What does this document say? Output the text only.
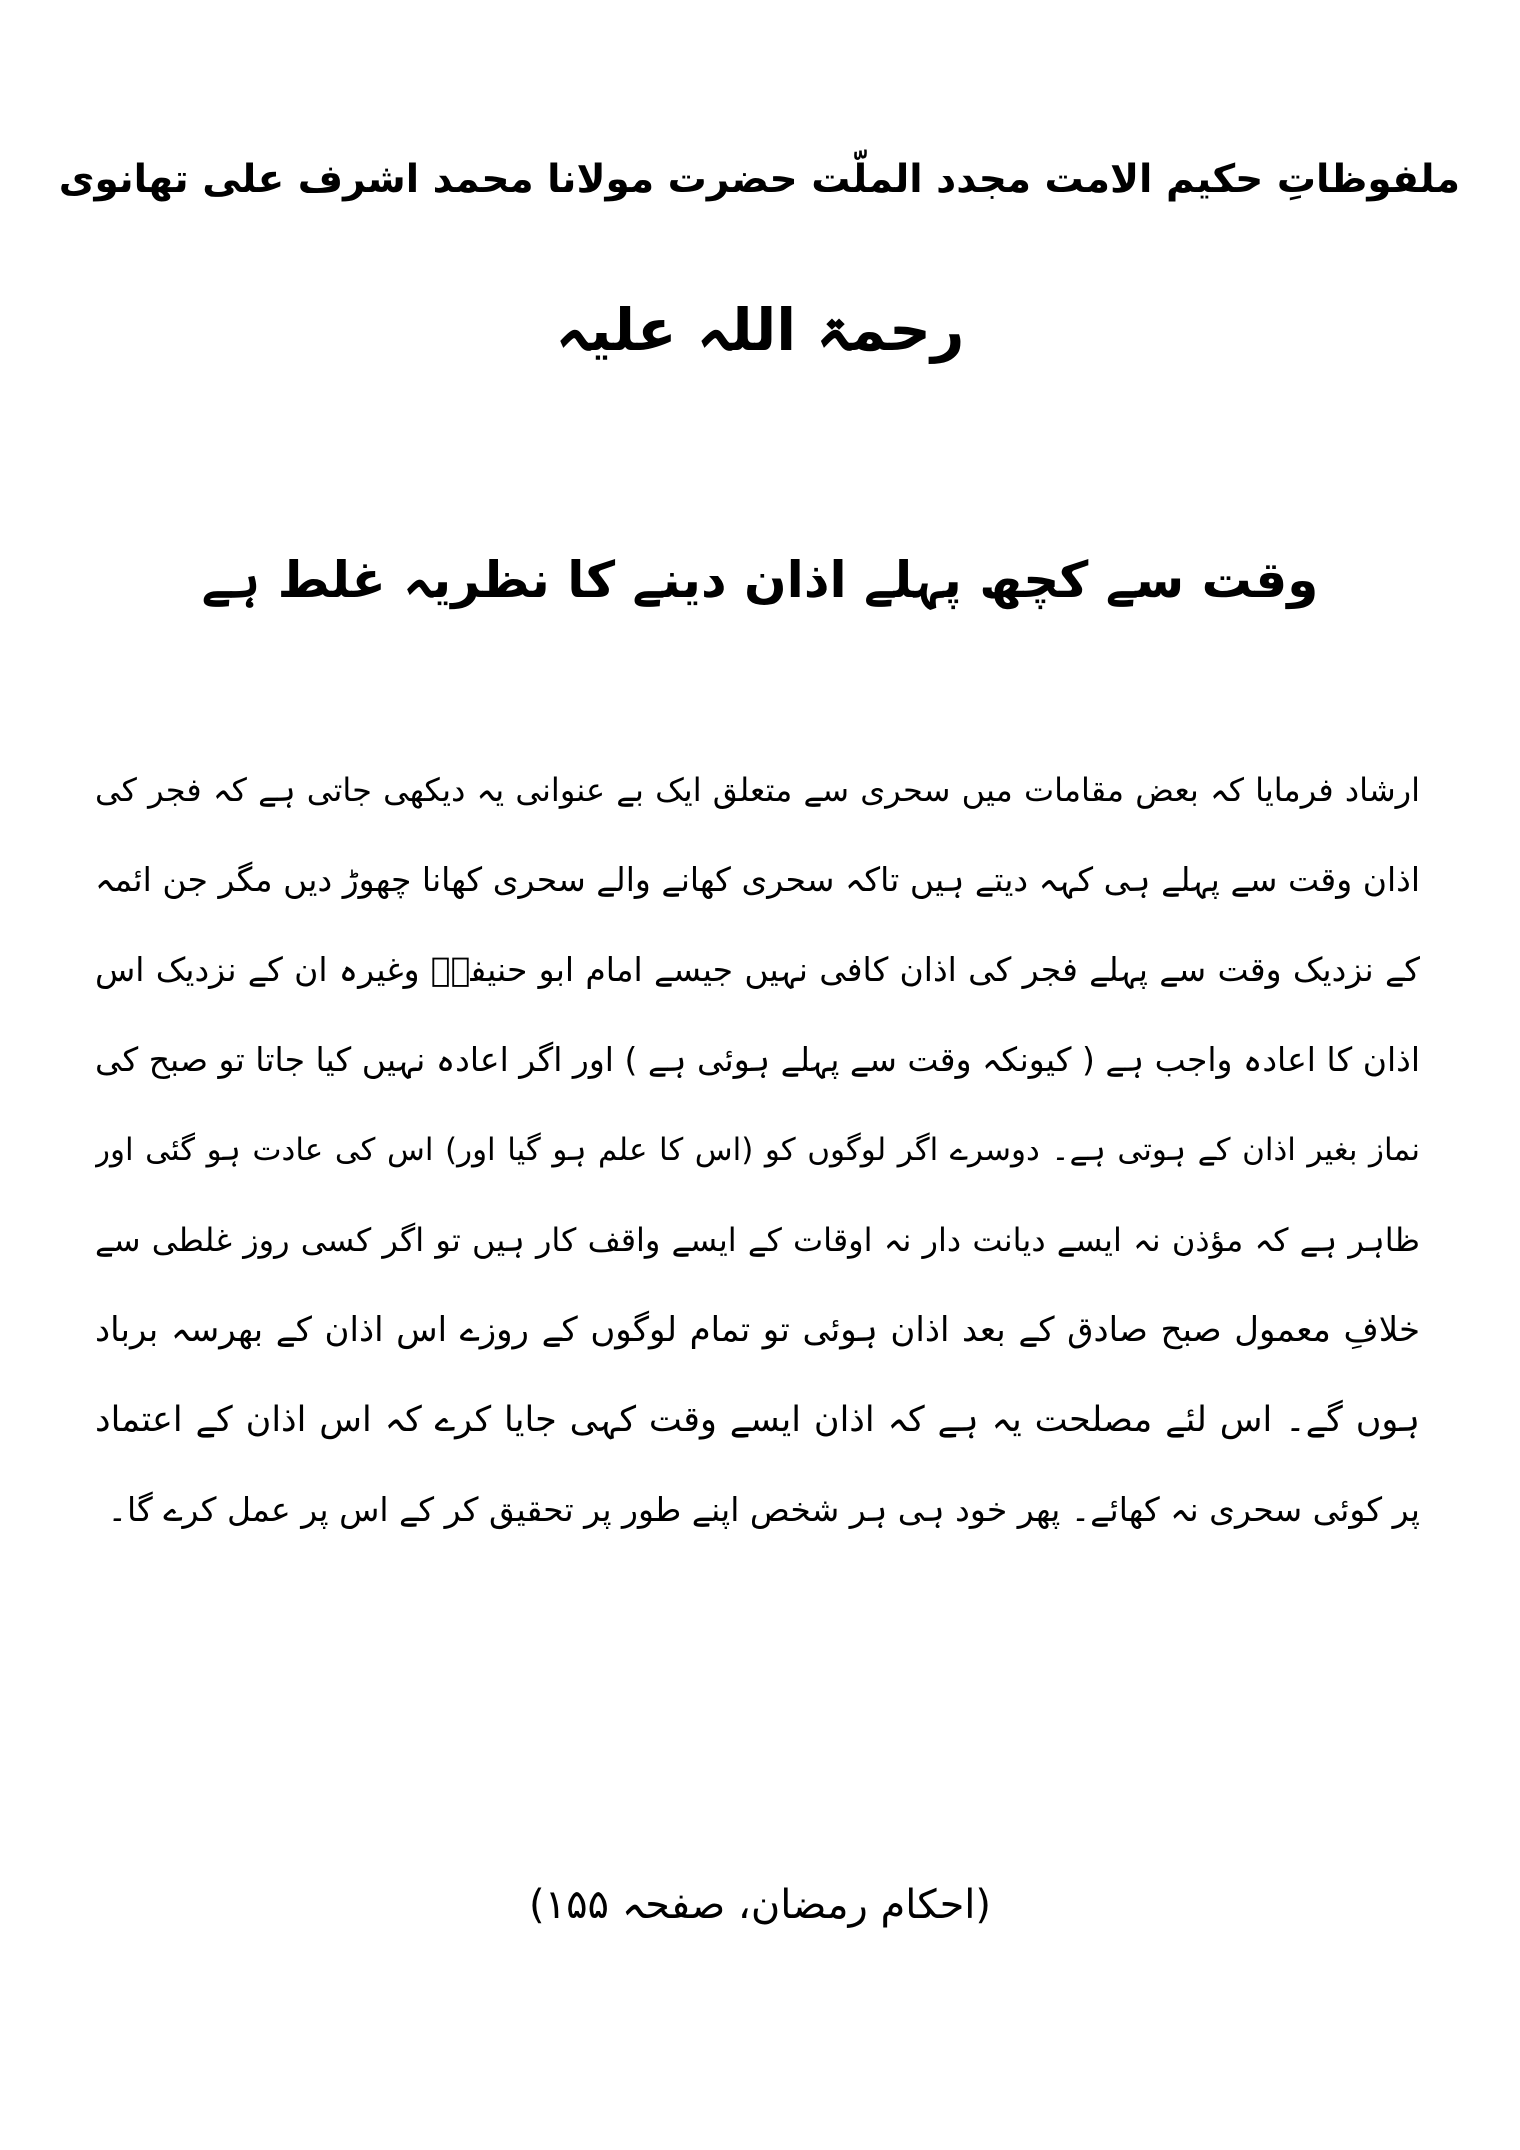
ملفوظاتِ حکیم الامت مجدد الملّت حضرت مولانا محمد اشرف علی تھانوی
رحمۃ اللہ علیہ
وقت سے کچھ پہلے اذان دینے کا نظریہ غلط ہے
ارشاد فرمایا کہ بعض مقامات میں سحری سے متعلق ایک بے عنوانی یہ دیکھی جاتی ہے کہ فجر کی
اذان وقت سے پہلے ہی کہہ دیتے ہیں تاکہ سحری کھانے والے سحری کھانا چھوڑ دیں مگر جن ائمہ
کے نزدیک وقت سے پہلے فجر کی اذان کافی نہیں جیسے امام ابو حنیفہؒ وغیرہ ان کے نزدیک اس
اذان کا اعادہ واجب ہے ( کیونکہ وقت سے پہلے ہوئی ہے ) اور اگر اعادہ نہیں کیا جاتا تو صبح کی
نماز بغیر اذان کے ہوتی ہے۔ دوسرے اگر لوگوں کو (اس کا علم ہو گیا اور) اس کی عادت ہو گئی اور
ظاہر ہے کہ مؤذن نہ ایسے دیانت دار نہ اوقات کے ایسے واقف کار ہیں تو اگر کسی روز غلطی سے
خلافِ معمول صبح صادق کے بعد اذان ہوئی تو تمام لوگوں کے روزے اس اذان کے بھرسہ برباد
ہوں گے۔ اس لئے مصلحت یہ ہے کہ اذان ایسے وقت کہی جایا کرے کہ اس اذان کے اعتماد
پر کوئی سحری نہ کھائے۔ پھر خود ہی ہر شخص اپنے طور پر تحقیق کر کے اس پر عمل کرے گا۔
(احکام رمضان، صفحہ ۱۵۵)
